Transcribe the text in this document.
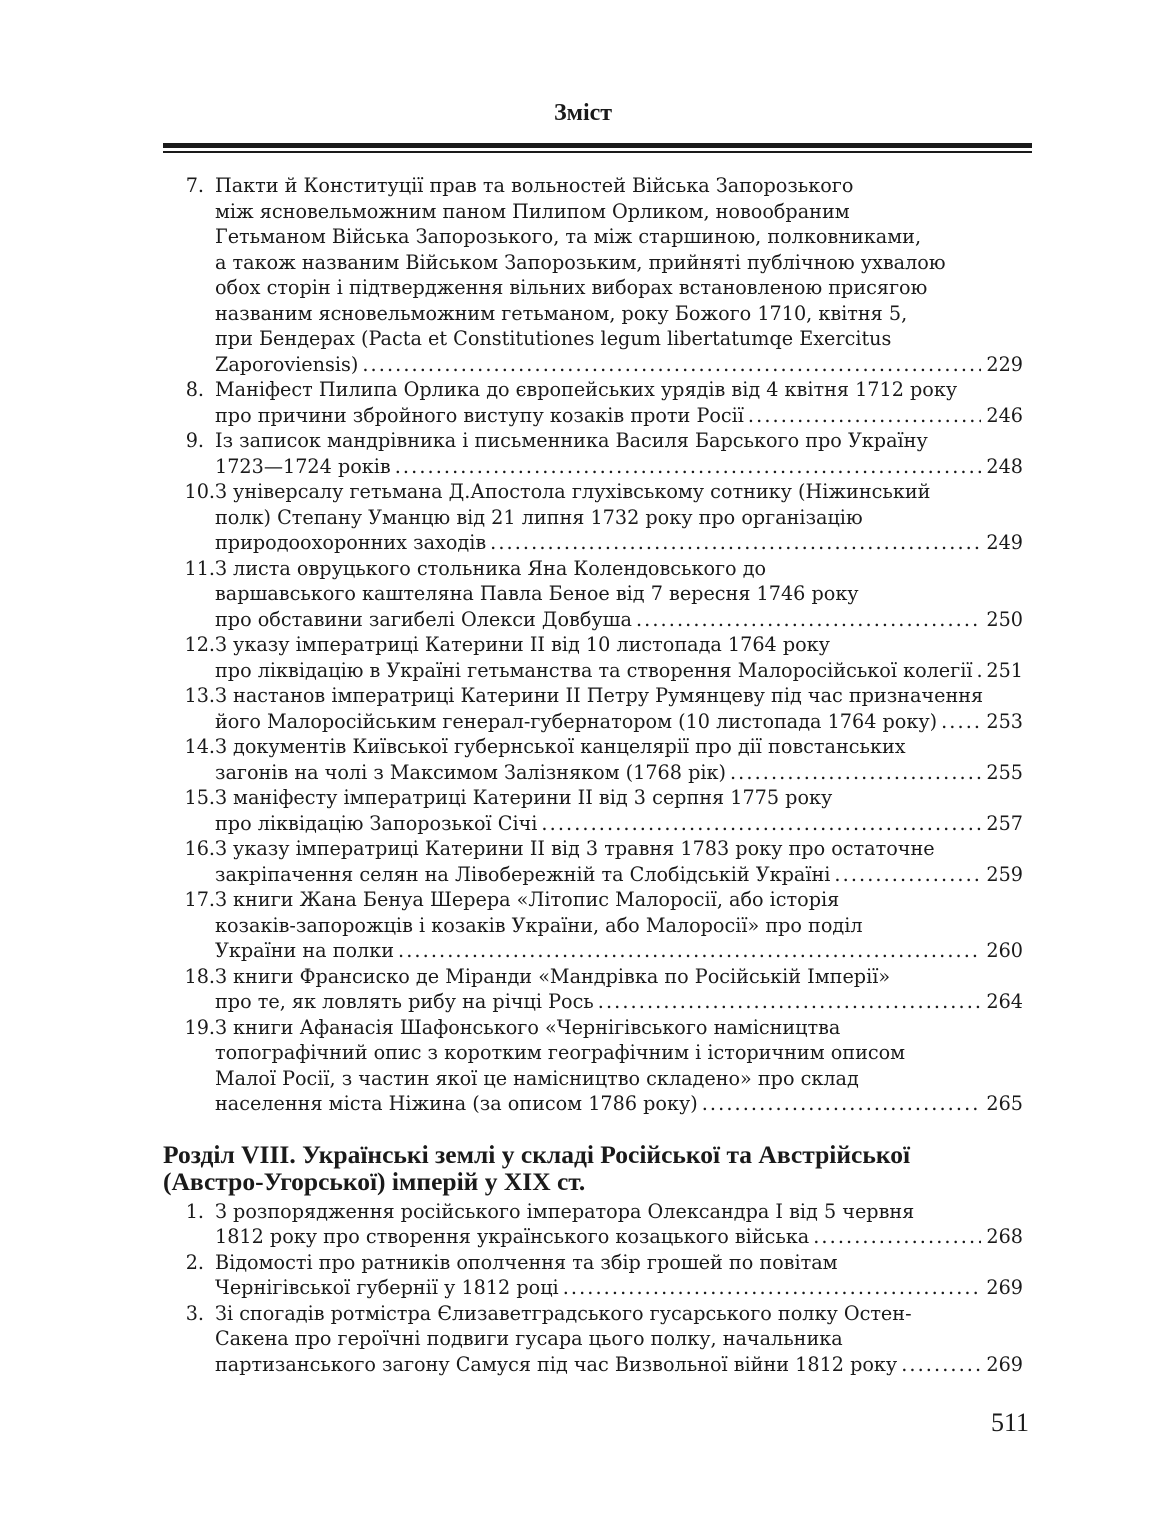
Зміст
7. Пакти й Конституції прав та вольностей Війська Запорозького
між ясновельможним паном Пилипом Орликом, новообраним
Гетьманом Війська Запорозького, та між старшиною, полковниками,
а також названим Військом Запорозьким, прийняті публічною ухвалою
обох сторін і підтвердження вільних виборах встановленою присягою
названим ясновельможним гетьманом, року Божого 1710, квітня 5,
при Бендерах (Pacta et Constitutiones legum libertatumqe Exercitus
Zaporoviensis) . . .	229
8. Маніфест Пилипа Орлика до європейських урядів від 4 квітня 1712 року
про причини збройного виступу козаків проти Росії . . .	246
9. Із записок мандрівника і письменника Василя Барського про Україну
1723—1724 років . . .	248
10. З універсалу гетьмана Д.Апостола глухівському сотнику (Ніжинський
полк) Степану Уманцю від 21 липня 1732 року про організацію
природоохоронних заходів . . .	249
11. З листа овруцького стольника Яна Колендовського до
варшавського каштеляна Павла Беное від 7 вересня 1746 року
про обставини загибелі Олекси Довбуша . . .	250
12. З указу імператриці Катерини ІІ від 10 листопада 1764 року
про ліквідацію в Україні гетьманства та створення Малоросійської колегії . . . 251
13. З настанов імператриці Катерини ІІ Петру Румянцеву під час призначення
його Малоросійським генерал-губернатором (10 листопада 1764 року) . . .	253
14. З документів Київської губернської канцелярії про дії повстанських
загонів на чолі з Максимом Залізняком (1768 рік) . . .	255
15. З маніфесту імператриці Катерини ІІ від 3 серпня 1775 року
про ліквідацію Запорозької Січі . . .	257
16. З указу імператриці Катерини ІІ від 3 травня 1783 року про остаточне
закріпачення селян на Лівобережній та Слобідській Україні . . .	259
17. З книги Жана Бенуа Шерера «Літопис Малоросії, або історія
козаків-запорожців і козаків України, або Малоросії» про поділ
України на полки . . .	260
18. З книги Франсиско де Міранди «Мандрівка по Російській Імперії»
про те, як ловлять рибу на річці Рось . . .	264
19. З книги Афанасія Шафонського «Чернігівського намісництва
топографічний опис з коротким географічним і історичним описом
Малої Росії, з частин якої це намісництво складено» про склад
населення міста Ніжина (за описом 1786 року) . . .	265
Розділ VIII. Українські землі у складі Російської та Австрійської
(Австро-Угорської) імперій у ХІХ ст.
1. З розпорядження російського імператора Олександра І від 5 червня
1812 року про створення українського козацького війська . . .	268
2. Відомості про ратників ополчення та збір грошей по повітам
Чернігівської губернії у 1812 році . . .	269
3. Зі спогадів ротмістра Єлизаветградського гусарського полку Остен-
Сакена про героїчні подвиги гусара цього полку, начальника
партизанського загону Самуся під час Визвольної війни 1812 року . . .	269
511
